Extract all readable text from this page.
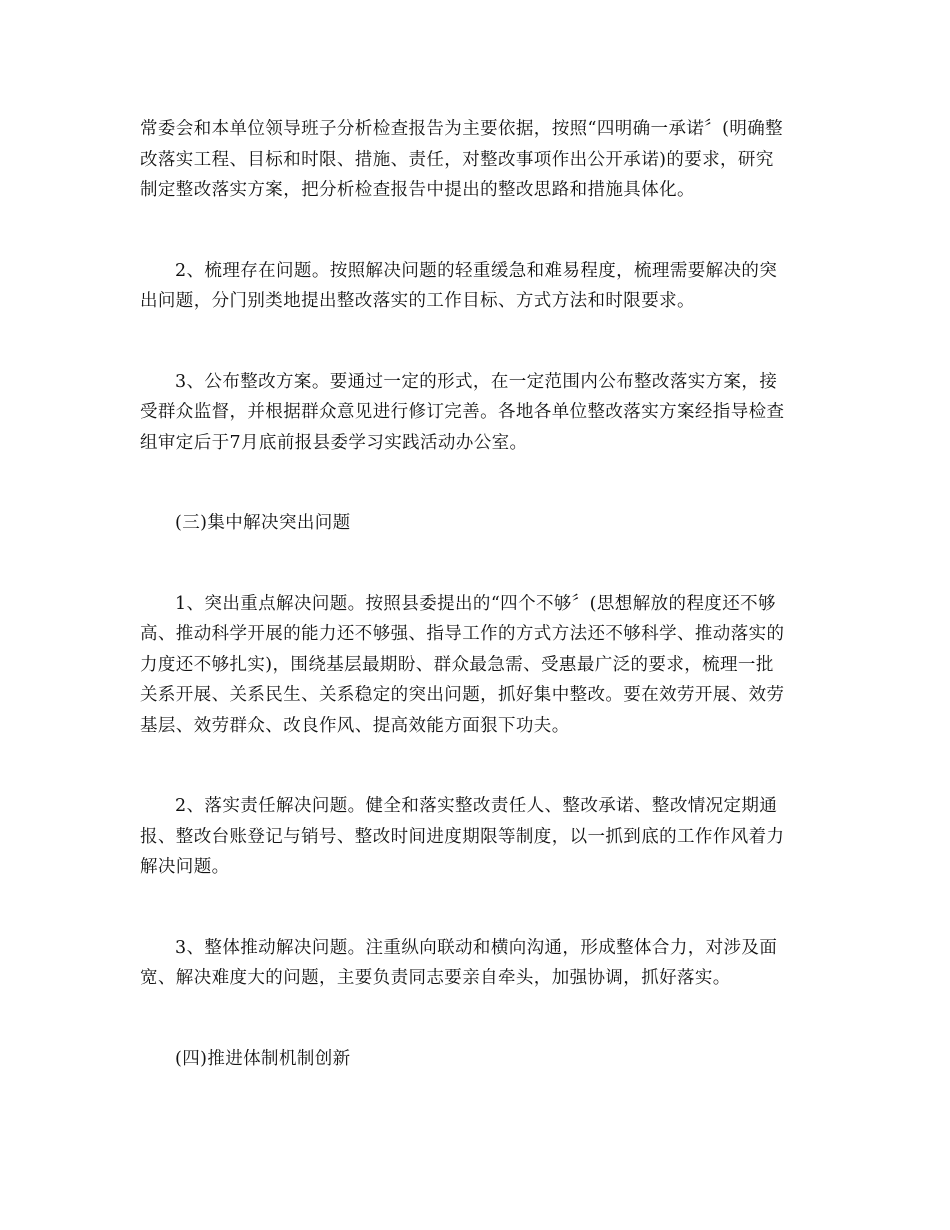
常委会和本单位领导班子分析检查报告为主要依据，按照“四明确一承诺〞(明确整
改落实工程、目标和时限、措施、责任，对整改事项作出公开承诺)的要求，研究
制定整改落实方案，把分析检查报告中提出的整改思路和措施具体化。

2、梳理存在问题。按照解决问题的轻重缓急和难易程度，梳理需要解决的突
出问题，分门别类地提出整改落实的工作目标、方式方法和时限要求。

3、公布整改方案。要通过一定的形式，在一定范围内公布整改落实方案，接
受群众监督，并根据群众意见进行修订完善。各地各单位整改落实方案经指导检查
组审定后于7月底前报县委学习实践活动办公室。

(三)集中解决突出问题

1、突出重点解决问题。按照县委提出的“四个不够〞(思想解放的程度还不够
高、推动科学开展的能力还不够强、指导工作的方式方法还不够科学、推动落实的
力度还不够扎实)，围绕基层最期盼、群众最急需、受惠最广泛的要求，梳理一批
关系开展、关系民生、关系稳定的突出问题，抓好集中整改。要在效劳开展、效劳
基层、效劳群众、改良作风、提高效能方面狠下功夫。

2、落实责任解决问题。健全和落实整改责任人、整改承诺、整改情况定期通
报、整改台账登记与销号、整改时间进度期限等制度，以一抓到底的工作作风着力
解决问题。

3、整体推动解决问题。注重纵向联动和横向沟通，形成整体合力，对涉及面
宽、解决难度大的问题，主要负责同志要亲自牵头，加强协调，抓好落实。

(四)推进体制机制创新
